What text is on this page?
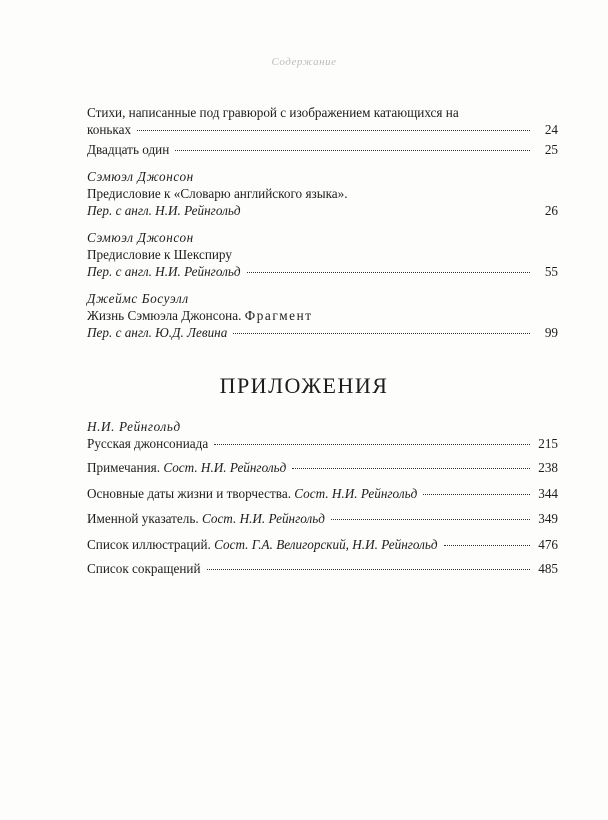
Содержание
Стихи, написанные под гравюрой с изображением катающихся на
коньках	24
Двадцать один	25
Сэмюэл Джонсон
Предисловие к «Словарю английского языка».
Пер. с англ. Н.И. Рейнгольд	26
Сэмюэл Джонсон
Предисловие к Шекспиру
Пер. с англ. Н.И. Рейнгольд	55
Джеймс Босуэлл
Жизнь Сэмюэла Джонсона. Фрагмент
Пер. с англ. Ю.Д. Левина	99
ПРИЛОЖЕНИЯ
Н.И. Рейнгольд
Русская джонсониада	215
Примечания. Сост. Н.И. Рейнгольд	238
Основные даты жизни и творчества. Сост. Н.И. Рейнгольд	344
Именной указатель. Сост. Н.И. Рейнгольд	349
Список иллюстраций. Сост. Г.А. Велигорский, Н.И. Рейнгольд	476
Список сокращений	485
